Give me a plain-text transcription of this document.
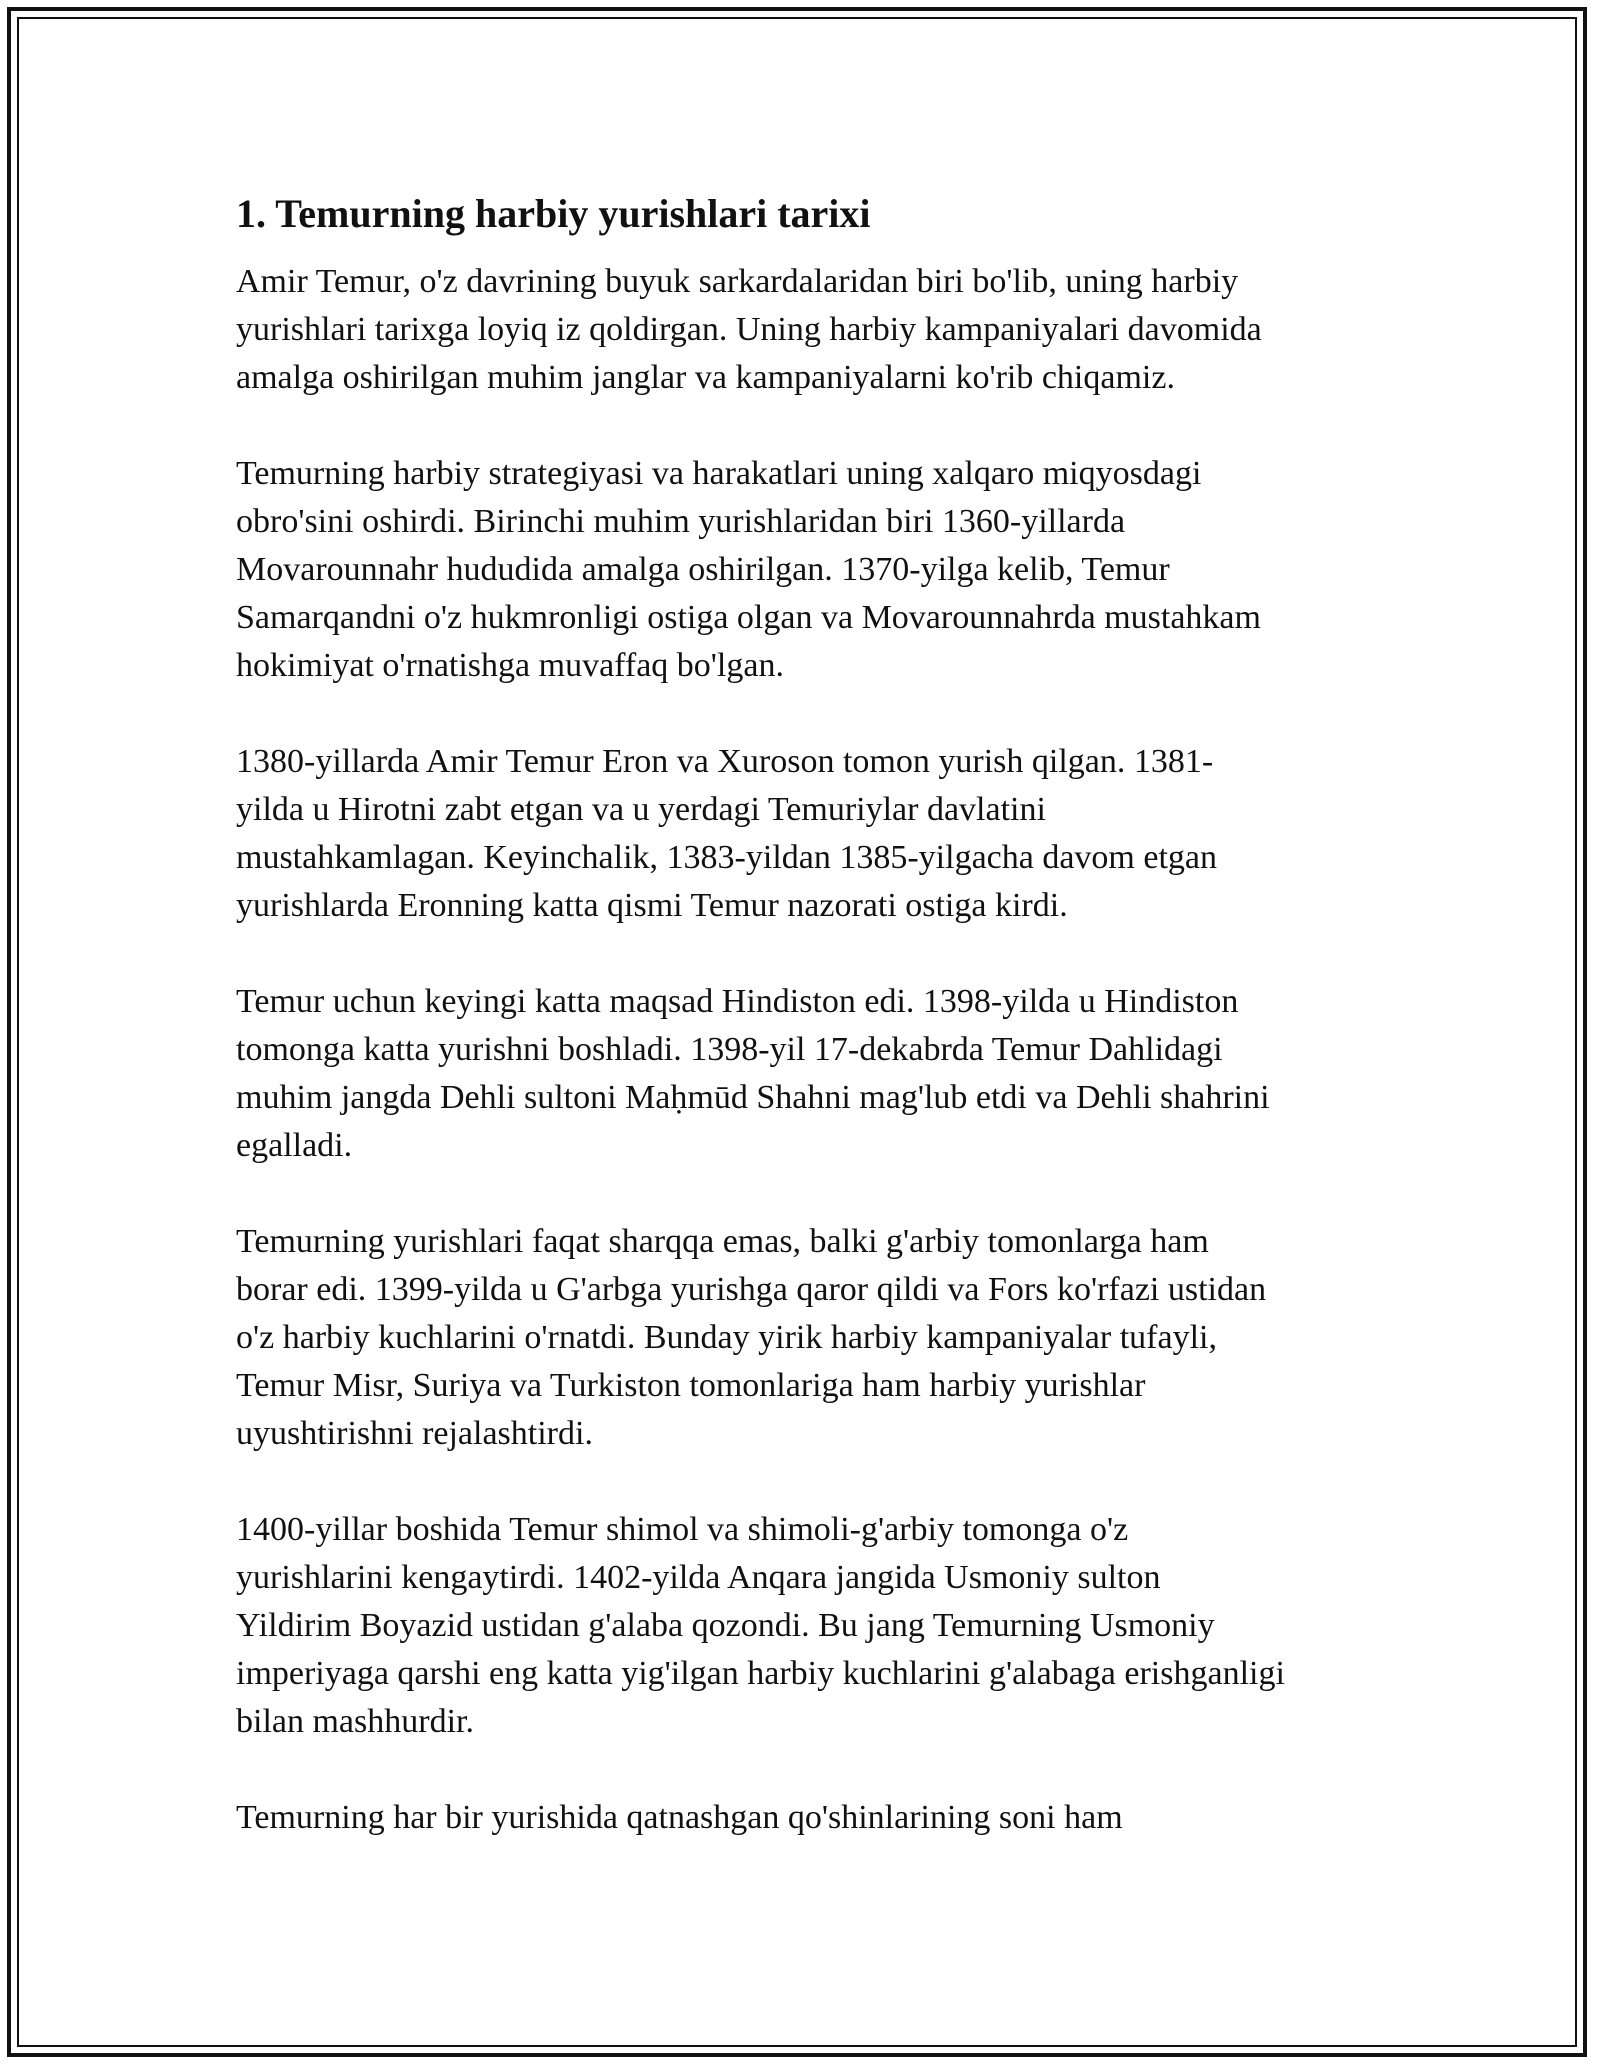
1. Temurning harbiy yurishlari tarixi

Amir Temur, o'z davrining buyuk sarkardalaridan biri bo'lib, uning harbiy
yurishlari tarixga loyiq iz qoldirgan. Uning harbiy kampaniyalari davomida
amalga oshirilgan muhim janglar va kampaniyalarni ko'rib chiqamiz.

Temurning harbiy strategiyasi va harakatlari uning xalqaro miqyosdagi
obro'sini oshirdi. Birinchi muhim yurishlaridan biri 1360-yillarda
Movarounnahr hududida amalga oshirilgan. 1370-yilga kelib, Temur
Samarqandni o'z hukmronligi ostiga olgan va Movarounnahrda mustahkam
hokimiyat o'rnatishga muvaffaq bo'lgan.

1380-yillarda Amir Temur Eron va Xuroson tomon yurish qilgan. 1381-
yilda u Hirotni zabt etgan va u yerdagi Temuriylar davlatini
mustahkamlagan. Keyinchalik, 1383-yildan 1385-yilgacha davom etgan
yurishlarda Eronning katta qismi Temur nazorati ostiga kirdi.

Temur uchun keyingi katta maqsad Hindiston edi. 1398-yilda u Hindiston
tomonga katta yurishni boshladi. 1398-yil 17-dekabrda Temur Dahlidagi
muhim jangda Dehli sultoni Maḥmūd Shahni mag'lub etdi va Dehli shahrini
egalladi.

Temurning yurishlari faqat sharqqa emas, balki g'arbiy tomonlarga ham
borar edi. 1399-yilda u G'arbga yurishga qaror qildi va Fors ko'rfazi ustidan
o'z harbiy kuchlarini o'rnatdi. Bunday yirik harbiy kampaniyalar tufayli,
Temur Misr, Suriya va Turkiston tomonlariga ham harbiy yurishlar
uyushtirishni rejalashtirdi.

1400-yillar boshida Temur shimol va shimoli-g'arbiy tomonga o'z
yurishlarini kengaytirdi. 1402-yilda Anqara jangida Usmoniy sulton
Yildirim Boyazid ustidan g'alaba qozondi. Bu jang Temurning Usmoniy
imperiyaga qarshi eng katta yig'ilgan harbiy kuchlarini g'alabaga erishganligi
bilan mashhurdir.

Temurning har bir yurishida qatnashgan qo'shinlarining soni ham
